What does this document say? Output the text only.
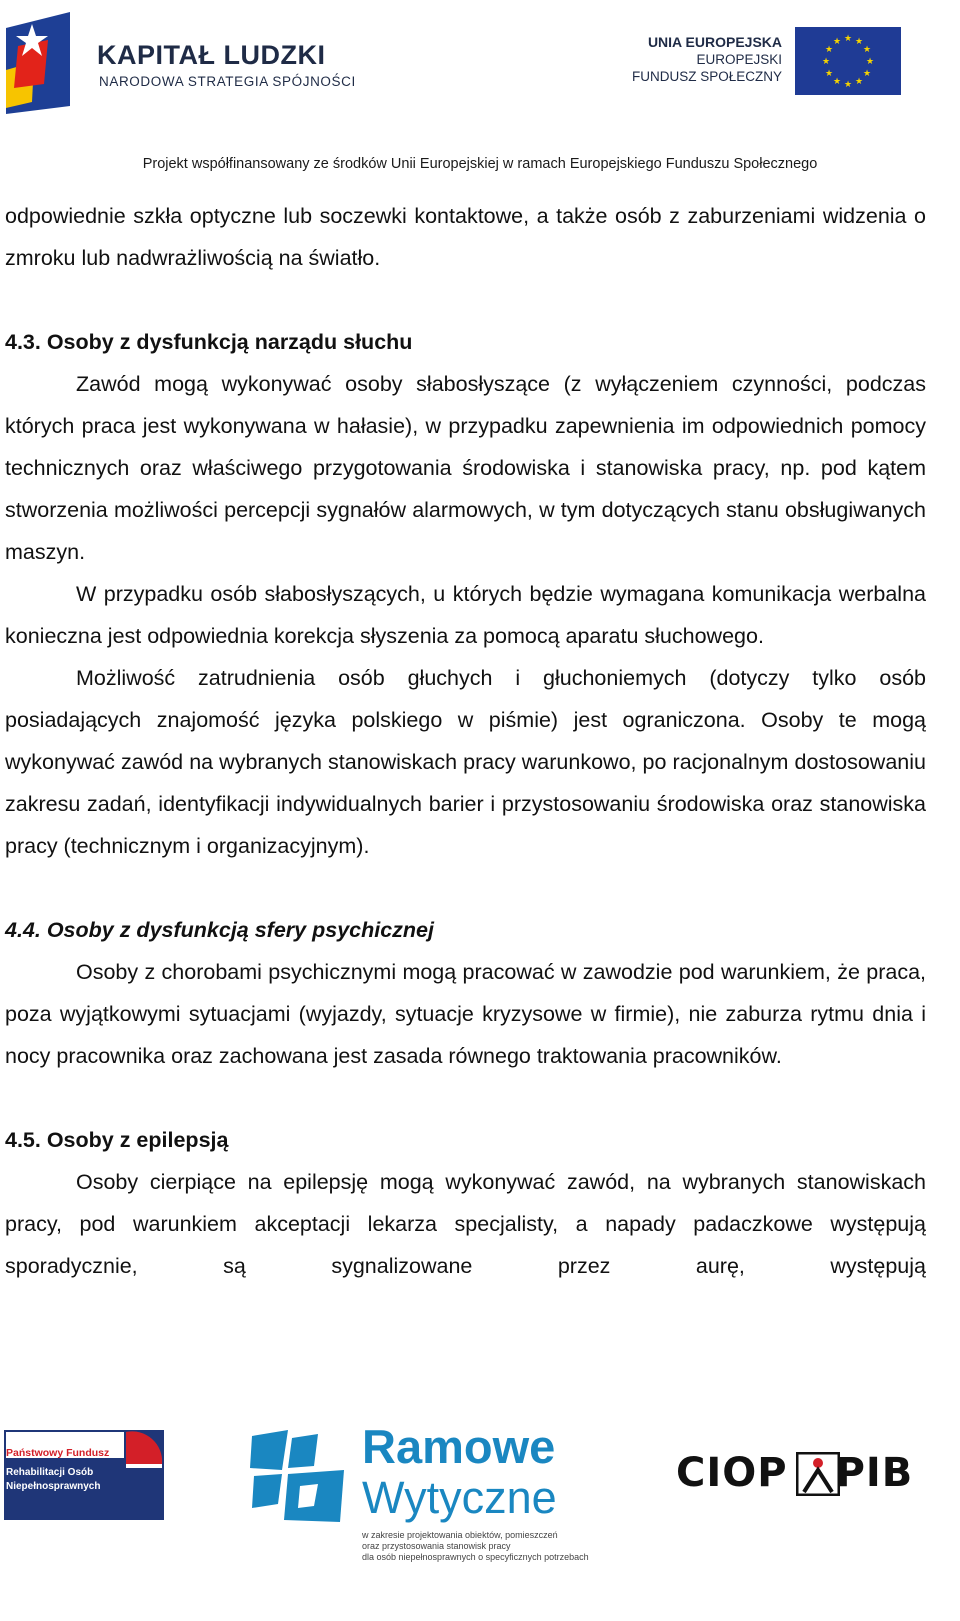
KAPITAŁ LUDZKI
NARODOWA STRATEGIA SPÓJNOŚCI
UNIA EUROPEJSKA
EUROPEJSKI
FUNDUSZ SPOŁECZNY
★ ★
★
★
★
★
★
★
★
★
★
★
Projekt współfinansowany ze środków Unii Europejskiej w ramach Europejskiego Funduszu Społecznego

odpowiednie szkła optyczne lub soczewki kontaktowe, a także osób z zaburzeniami widzenia o zmroku lub nadwrażliwością na światło.

4.3. Osoby z dysfunkcją narządu słuchu

Zawód mogą wykonywać osoby słabosłyszące (z wyłączeniem czynności, podczas których praca jest wykonywana w hałasie), w przypadku zapewnienia im odpowiednich pomocy technicznych oraz właściwego przygotowania środowiska i stanowiska pracy, np. pod kątem stworzenia możliwości percepcji sygnałów alarmowych, w tym dotyczących stanu obsługiwanych maszyn.

W przypadku osób słabosłyszących, u których będzie wymagana komunikacja werbalna konieczna jest odpowiednia korekcja słyszenia za pomocą aparatu słuchowego.

Możliwość zatrudnienia osób głuchych i głuchoniemych (dotyczy tylko osób posiadających znajomość języka polskiego w piśmie) jest ograniczona. Osoby te mogą wykonywać zawód na wybranych stanowiskach pracy warunkowo, po racjonalnym dostosowaniu zakresu zadań, identyfikacji indywidualnych barier i przystosowaniu środowiska oraz stanowiska pracy (technicznym i organizacyjnym).

4.4. Osoby z dysfunkcją sfery psychicznej

Osoby z chorobami psychicznymi mogą pracować w zawodzie pod warunkiem, że praca, poza wyjątkowymi sytuacjami (wyjazdy, sytuacje kryzysowe w firmie), nie zaburza rytmu dnia i nocy pracownika oraz zachowana jest zasada równego traktowania pracowników.

4.5. Osoby z epilepsją

Osoby cierpiące na epilepsję mogą wykonywać zawód, na wybranych stanowiskach pracy, pod warunkiem akceptacji lekarza specjalisty, a napady padaczkowe występują sporadycznie, są sygnalizowane przez aurę, występują

Państwowy Fundusz
Rehabilitacji Osób
Niepełnosprawnych
Ramowe
Wytyczne
w zakresie projektowania obiektów, pomieszczeń
oraz przystosowania stanowisk pracy
dla osób niepełnosprawnych o specyficznych potrzebach
CIOP PIB
